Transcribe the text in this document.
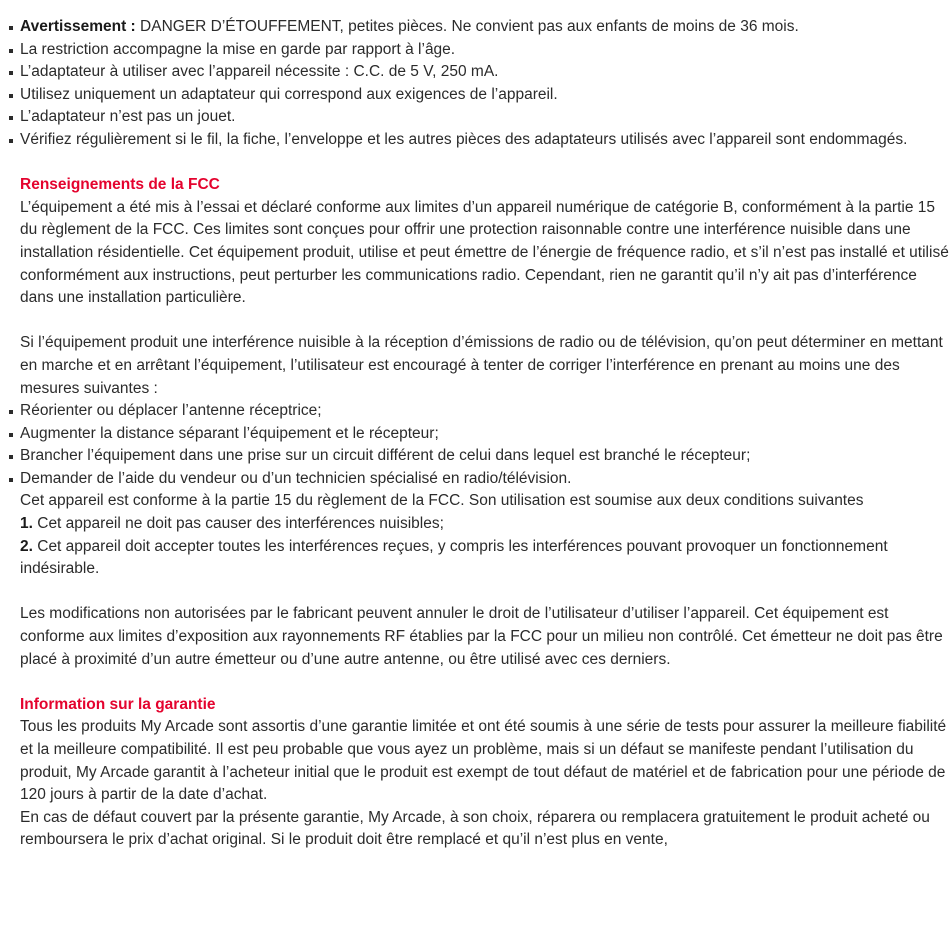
Avertissement : DANGER D’ÉTOUFFEMENT, petites pièces. Ne convient pas aux enfants de moins de 36 mois.
La restriction accompagne la mise en garde par rapport à l’âge.
L’adaptateur à utiliser avec l’appareil nécessite : C.C. de 5 V, 250 mA.
Utilisez uniquement un adaptateur qui correspond aux exigences de l’appareil.
L’adaptateur n’est pas un jouet.
Vérifiez régulièrement si le fil, la fiche, l’enveloppe et les autres pièces des adaptateurs utilisés avec l’appareil sont endommagés.

Renseignements de la FCC

L’équipement a été mis à l’essai et déclaré conforme aux limites d’un appareil numérique de catégorie B, conformément à la partie 15 du règlement de la FCC. Ces limites sont conçues pour offrir une protection raisonnable contre une interférence nuisible dans une installation résidentielle. Cet équipement produit, utilise et peut émettre de l’énergie de fréquence radio, et s’il n’est pas installé et utilisé conformément aux instructions, peut perturber les communications radio. Cependant, rien ne garantit qu’il n’y ait pas d’interférence dans une installation particulière.

Si l’équipement produit une interférence nuisible à la réception d’émissions de radio ou de télévision, qu’on peut déterminer en mettant en marche et en arrêtant l’équipement, l’utilisateur est encouragé à tenter de corriger l’interférence en prenant au moins une des mesures suivantes :

Réorienter ou déplacer l’antenne réceptrice;
Augmenter la distance séparant l’équipement et le récepteur;
Brancher l’équipement dans une prise sur un circuit différent de celui dans lequel est branché le récepteur;
Demander de l’aide du vendeur ou d’un technicien spécialisé en radio/télévision.

Cet appareil est conforme à la partie 15 du règlement de la FCC. Son utilisation est soumise aux deux conditions suivantes

1. Cet appareil ne doit pas causer des interférences nuisibles;

2. Cet appareil doit accepter toutes les interférences reçues, y compris les interférences pouvant provoquer un fonctionnement indésirable.

Les modifications non autorisées par le fabricant peuvent annuler le droit de l’utilisateur d’utiliser l’appareil. Cet équipement est conforme aux limites d’exposition aux rayonnements RF établies par la FCC pour un milieu non contrôlé. Cet émetteur ne doit pas être placé à proximité d’un autre émetteur ou d’une autre antenne, ou être utilisé avec ces derniers.

Information sur la garantie

Tous les produits My Arcade sont assortis d’une garantie limitée et ont été soumis à une série de tests pour assurer la meilleure fiabilité et la meilleure compatibilité. Il est peu probable que vous ayez un problème, mais si un défaut se manifeste pendant l’utilisation du produit, My Arcade garantit à l’acheteur initial que le produit est exempt de tout défaut de matériel et de fabrication pour une période de 120 jours à partir de la date d’achat.

En cas de défaut couvert par la présente garantie, My Arcade, à son choix, réparera ou remplacera gratuitement le produit acheté ou remboursera le prix d’achat original. Si le produit doit être remplacé et qu’il n’est plus en vente,
